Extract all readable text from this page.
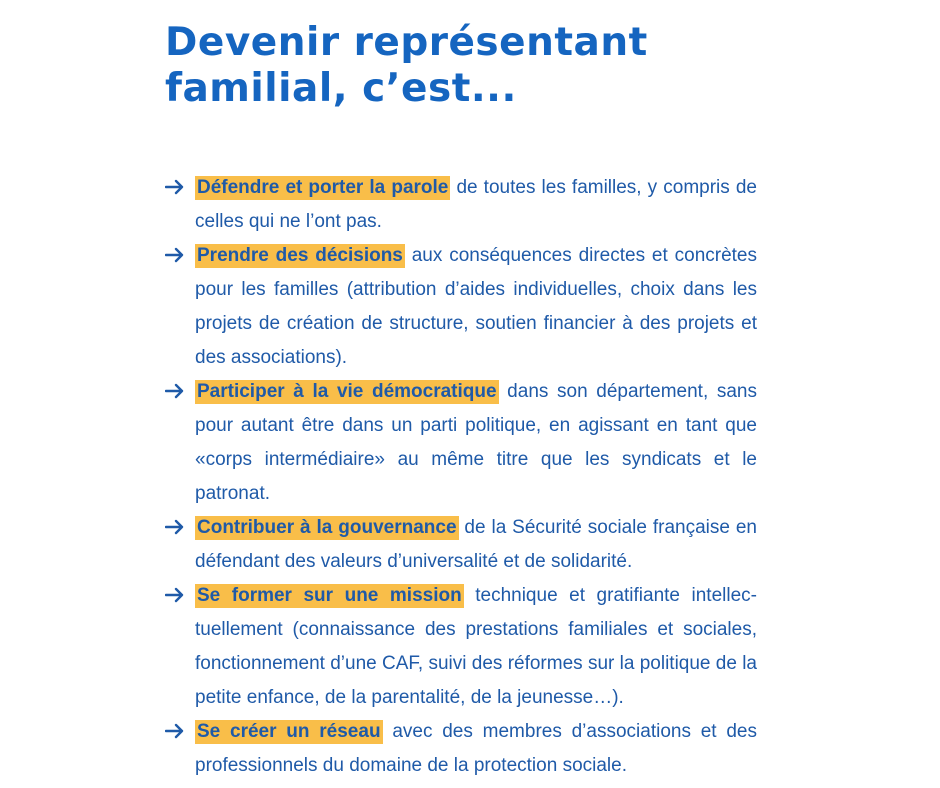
Devenir représentant
familial, c’est...
Défendre et porter la parole de toutes les familles, y compris de celles qui ne l’ont pas.
Prendre des décisions aux conséquences directes et concrètes pour les familles (attribution d’aides individuelles, choix dans les projets de création de structure, soutien financier à des projets et des associations).
Participer à la vie démocratique dans son département, sans pour autant être dans un parti politique, en agissant en tant que «corps intermédiaire» au même titre que les syndicats et le patronat.
Contribuer à la gouvernance de la Sécurité sociale française en défendant des valeurs d’universalité et de solidarité.
Se former sur une mission technique et gratifiante intellec-tuellement (connaissance des prestations familiales et sociales, fonctionnement d’une CAF, suivi des réformes sur la politique de la petite enfance, de la parentalité, de la jeunesse…).
Se créer un réseau avec des membres d’associations et des professionnels du domaine de la protection sociale.
